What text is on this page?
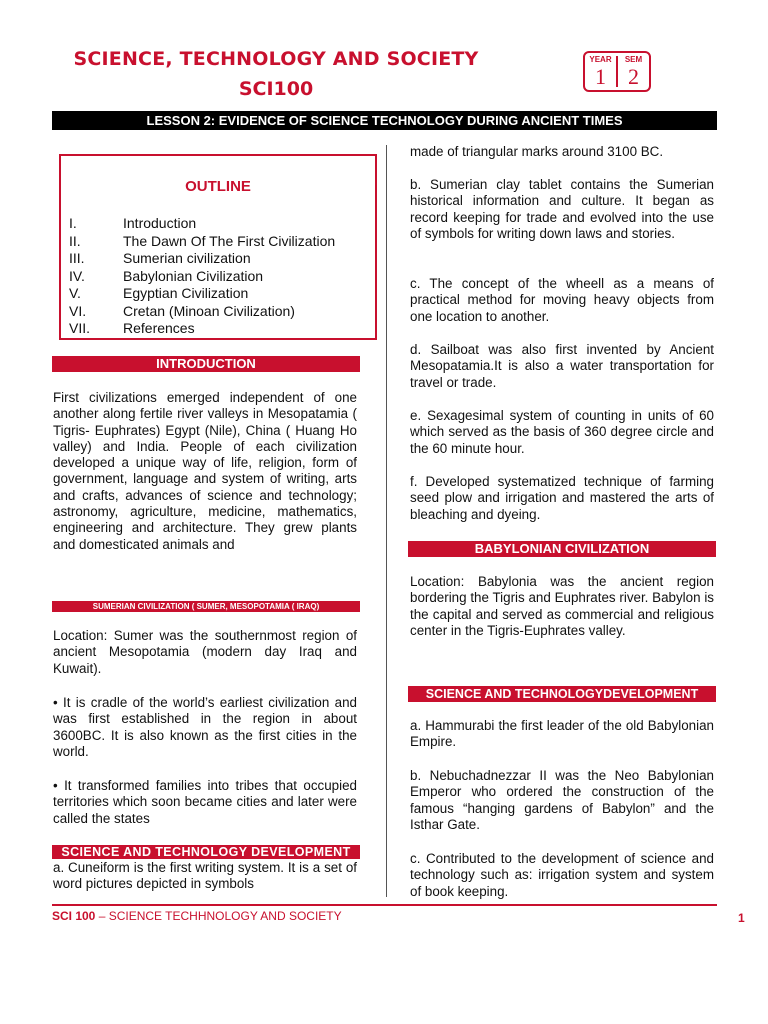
SCIENCE, TECHNOLOGY AND SOCIETY
SCI100
YEAR
1
SEM
2
LESSON 2: EVIDENCE OF SCIENCE TECHNOLOGY DURING ANCIENT TIMES
OUTLINE
I.	Introduction
II.	The Dawn Of The First Civilization
III.	Sumerian civilization
IV.	Babylonian Civilization
V.	Egyptian Civilization
VI.	Cretan (Minoan Civilization)
VII. References
INTRODUCTION

First civilizations emerged independent of one another along fertile river valleys in Mesopatamia ( Tigris- Euphrates) Egypt (Nile), China ( Huang Ho valley) and India. People of each civilization developed a unique way of life, religion, form of government, language and system of writing, arts and crafts, advances of science and technology; astronomy, agriculture, medicine, mathematics, engineering and architecture. They grew plants and domesticated animals and

SUMERIAN CIVILIZATION ( SUMER, MESOPOTAMIA ( IRAQ)

Location: Sumer was the southernmost region of ancient Mesopotamia (modern day Iraq and Kuwait).

• It is cradle of the world’s earliest civilization and was first established in the region in about 3600BC. It is also known as the first cities in the world.

• It transformed families into tribes that occupied territories which soon became cities and later were called the states

SCIENCE AND TECHNOLOGY DEVELOPMENT

a. Cuneiform is the first writing system. It is a set of word pictures depicted in symbols

made of triangular marks around 3100 BC.

b. Sumerian clay tablet contains the Sumerian historical information and culture. It began as record keeping for trade and evolved into the use of symbols for writing down laws and stories.

c. The concept of the wheell as a means of practical method for moving heavy objects from one location to another.

d. Sailboat was also first invented by Ancient Mesopatamia.It is also a water transportation for travel or trade.

e. Sexagesimal system of counting in units of 60 which served as the basis of 360 degree circle and the 60 minute hour.

f. Developed systematized technique of farming seed plow and irrigation and mastered the arts of bleaching and dyeing.

BABYLONIAN CIVILIZATION

Location: Babylonia was the ancient region bordering the Tigris and Euphrates river. Babylon is the capital and served as commercial and religious center in the Tigris-Euphrates valley.

SCIENCE AND TECHNOLOGYDEVELOPMENT

a. Hammurabi the first leader of the old Babylonian Empire.

b. Nebuchadnezzar II was the Neo Babylonian Emperor who ordered the construction of the famous “hanging gardens of Babylon” and the Isthar Gate.

c. Contributed to the development of science and technology such as: irrigation system and system of book keeping.

SCI 100 – SCIENCE TECHHNOLOGY AND SOCIETY	1
